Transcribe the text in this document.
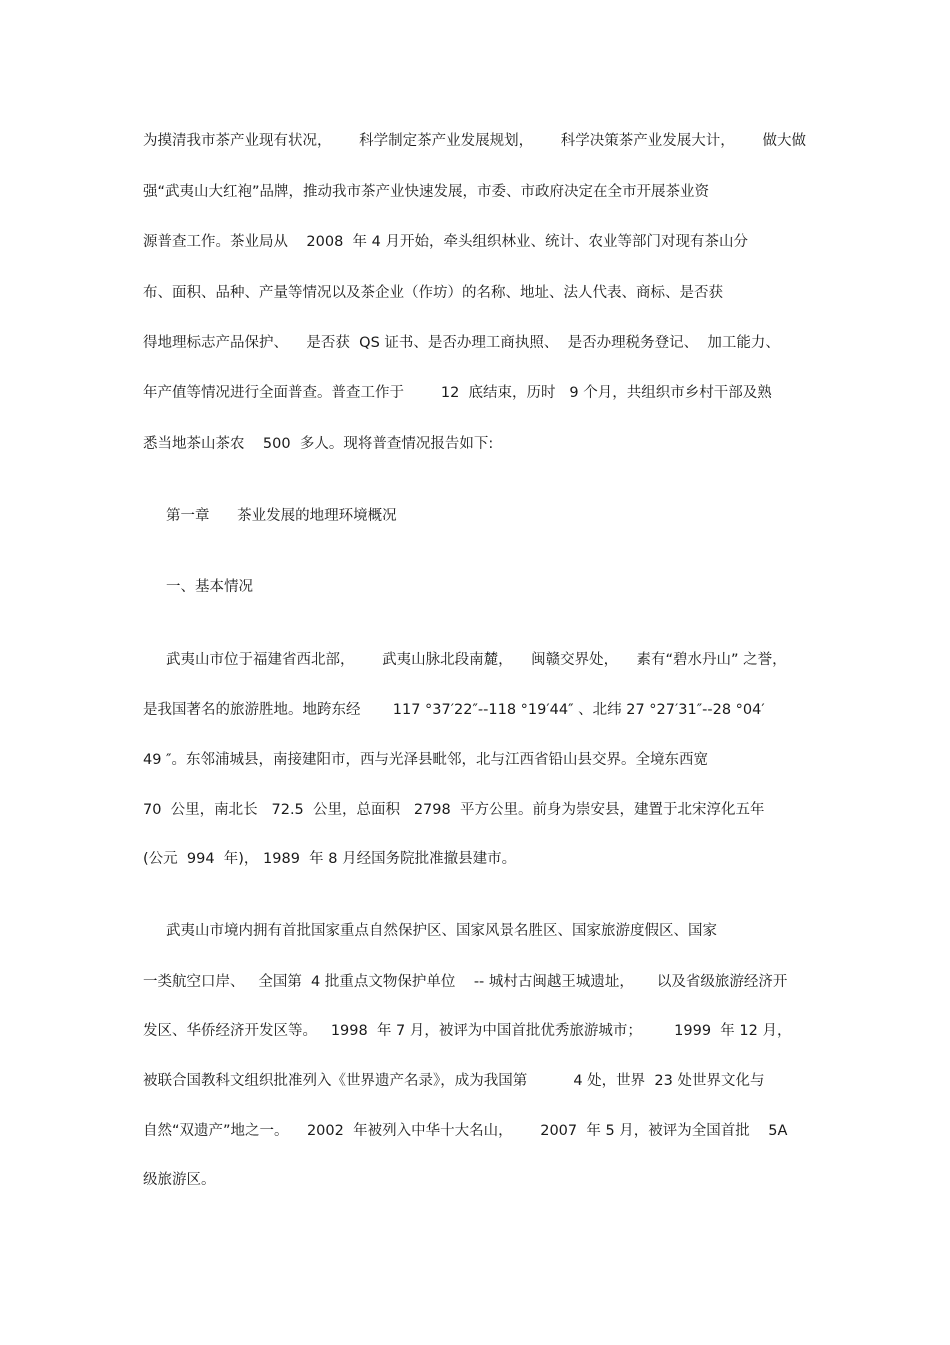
为摸清我市茶产业现有状况，      科学制定茶产业发展规划，      科学决策茶产业发展大计，      做大做
强“武夷山大红袍”品牌，推动我市茶产业快速发展，市委、市政府决定在全市开展茶业资
源普查工作。茶业局从    2008  年 4 月开始，牵头组织林业、统计、农业等部门对现有茶山分
布、面积、品种、产量等情况以及茶企业（作坊）的名称、地址、法人代表、商标、是否获
得地理标志产品保护、    是否获  QS 证书、是否办理工商执照、  是否办理税务登记、  加工能力、
年产值等情况进行全面普查。普查工作于        12  底结束，历时   9 个月，共组织市乡村干部及熟
悉当地茶山茶农    500  多人。现将普查情况报告如下:
第一章      茶业发展的地理环境概况
一、基本情况
武夷山市位于福建省西北部，      武夷山脉北段南麓，    闽赣交界处，    素有“碧水丹山” 之誉，
是我国著名的旅游胜地。地跨东经       117 °37′22″--118 °19′44″ 、北纬 27 °27′31″--28 °04′
49 ″。东邻浦城县，南接建阳市，西与光泽县毗邻，北与江西省铅山县交界。全境东西宽
70  公里，南北长   72.5  公里，总面积   2798  平方公里。前身为崇安县，建置于北宋淳化五年
(公元  994  年)， 1989  年 8 月经国务院批准撤县建市。
武夷山市境内拥有首批国家重点自然保护区、国家风景名胜区、国家旅游度假区、国家
一类航空口岸、   全国第  4 批重点文物保护单位    -- 城村古闽越王城遗址，     以及省级旅游经济开
发区、华侨经济开发区等。   1998  年 7 月，被评为中国首批优秀旅游城市；       1999  年 12 月，
被联合国教科文组织批准列入《世界遗产名录》，成为我国第          4 处，世界  23 处世界文化与
自然“双遗产”地之一。    2002  年被列入中华十大名山，      2007  年 5 月，被评为全国首批    5A
级旅游区。
